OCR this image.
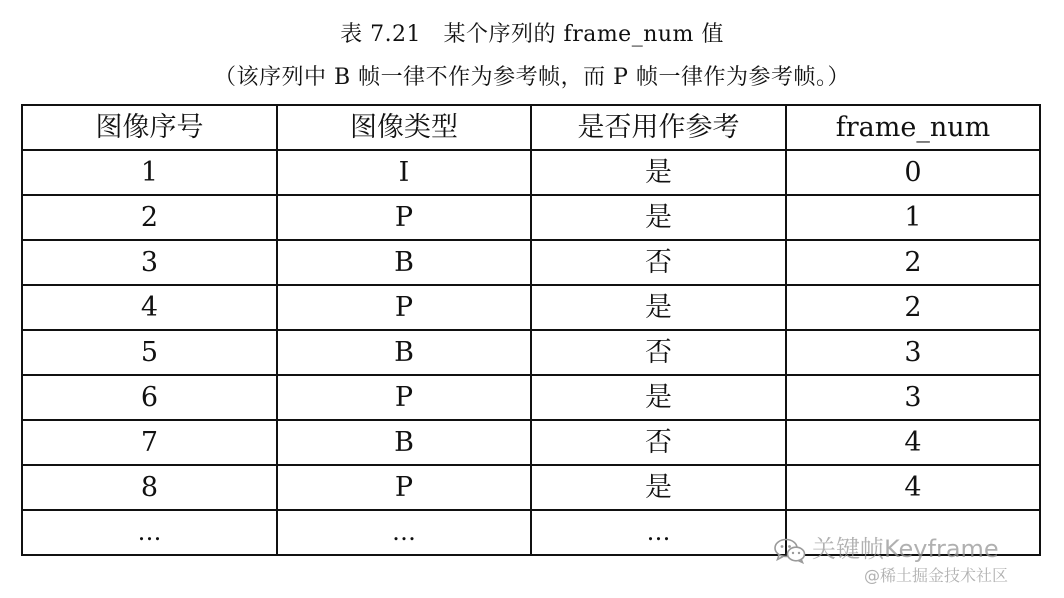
表 7.21　某个序列的 frame_num 值
（该序列中 B 帧一律不作为参考帧，而 P 帧一律作为参考帧。）
图像序号	图像类型	是否用作参考	frame_num
1	I	是	0
2	P	是	1
3	B	否	2
4	P	是	2
5	B	否	3
6	P	是	3
7	B	否	4
8	P	是	4
…	…	…	
关键帧Keyframe
@稀土掘金技术社区
